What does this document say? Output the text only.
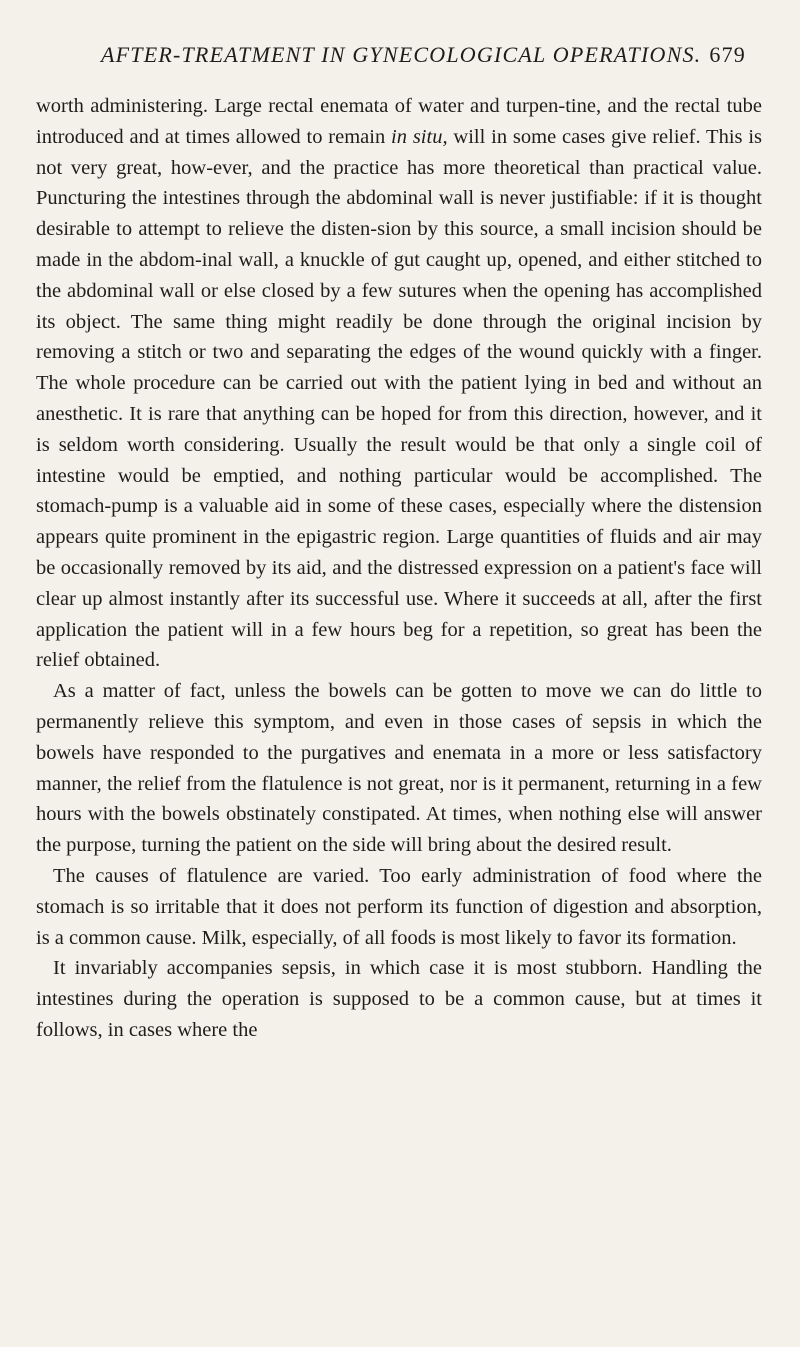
AFTER-TREATMENT IN GYNECOLOGICAL OPERATIONS. 679

worth administering. Large rectal enemata of water and turpen-tine, and the rectal tube introduced and at times allowed to remain in situ, will in some cases give relief. This is not very great, how-ever, and the practice has more theoretical than practical value. Puncturing the intestines through the abdominal wall is never justifiable: if it is thought desirable to attempt to relieve the disten-sion by this source, a small incision should be made in the abdom-inal wall, a knuckle of gut caught up, opened, and either stitched to the abdominal wall or else closed by a few sutures when the opening has accomplished its object. The same thing might readily be done through the original incision by removing a stitch or two and separating the edges of the wound quickly with a finger. The whole procedure can be carried out with the patient lying in bed and without an anesthetic. It is rare that anything can be hoped for from this direction, however, and it is seldom worth considering. Usually the result would be that only a single coil of intestine would be emptied, and nothing particular would be accomplished. The stomach-pump is a valuable aid in some of these cases, especially where the distension appears quite prominent in the epigastric region. Large quantities of fluids and air may be occasionally removed by its aid, and the distressed expression on a patient's face will clear up almost instantly after its successful use. Where it succeeds at all, after the first application the patient will in a few hours beg for a repetition, so great has been the relief obtained.

As a matter of fact, unless the bowels can be gotten to move we can do little to permanently relieve this symptom, and even in those cases of sepsis in which the bowels have responded to the purgatives and enemata in a more or less satisfactory manner, the relief from the flatulence is not great, nor is it permanent, returning in a few hours with the bowels obstinately constipated. At times, when nothing else will answer the purpose, turning the patient on the side will bring about the desired result.

The causes of flatulence are varied. Too early administration of food where the stomach is so irritable that it does not perform its function of digestion and absorption, is a common cause. Milk, especially, of all foods is most likely to favor its formation.

It invariably accompanies sepsis, in which case it is most stubborn. Handling the intestines during the operation is supposed to be a common cause, but at times it follows, in cases where the
